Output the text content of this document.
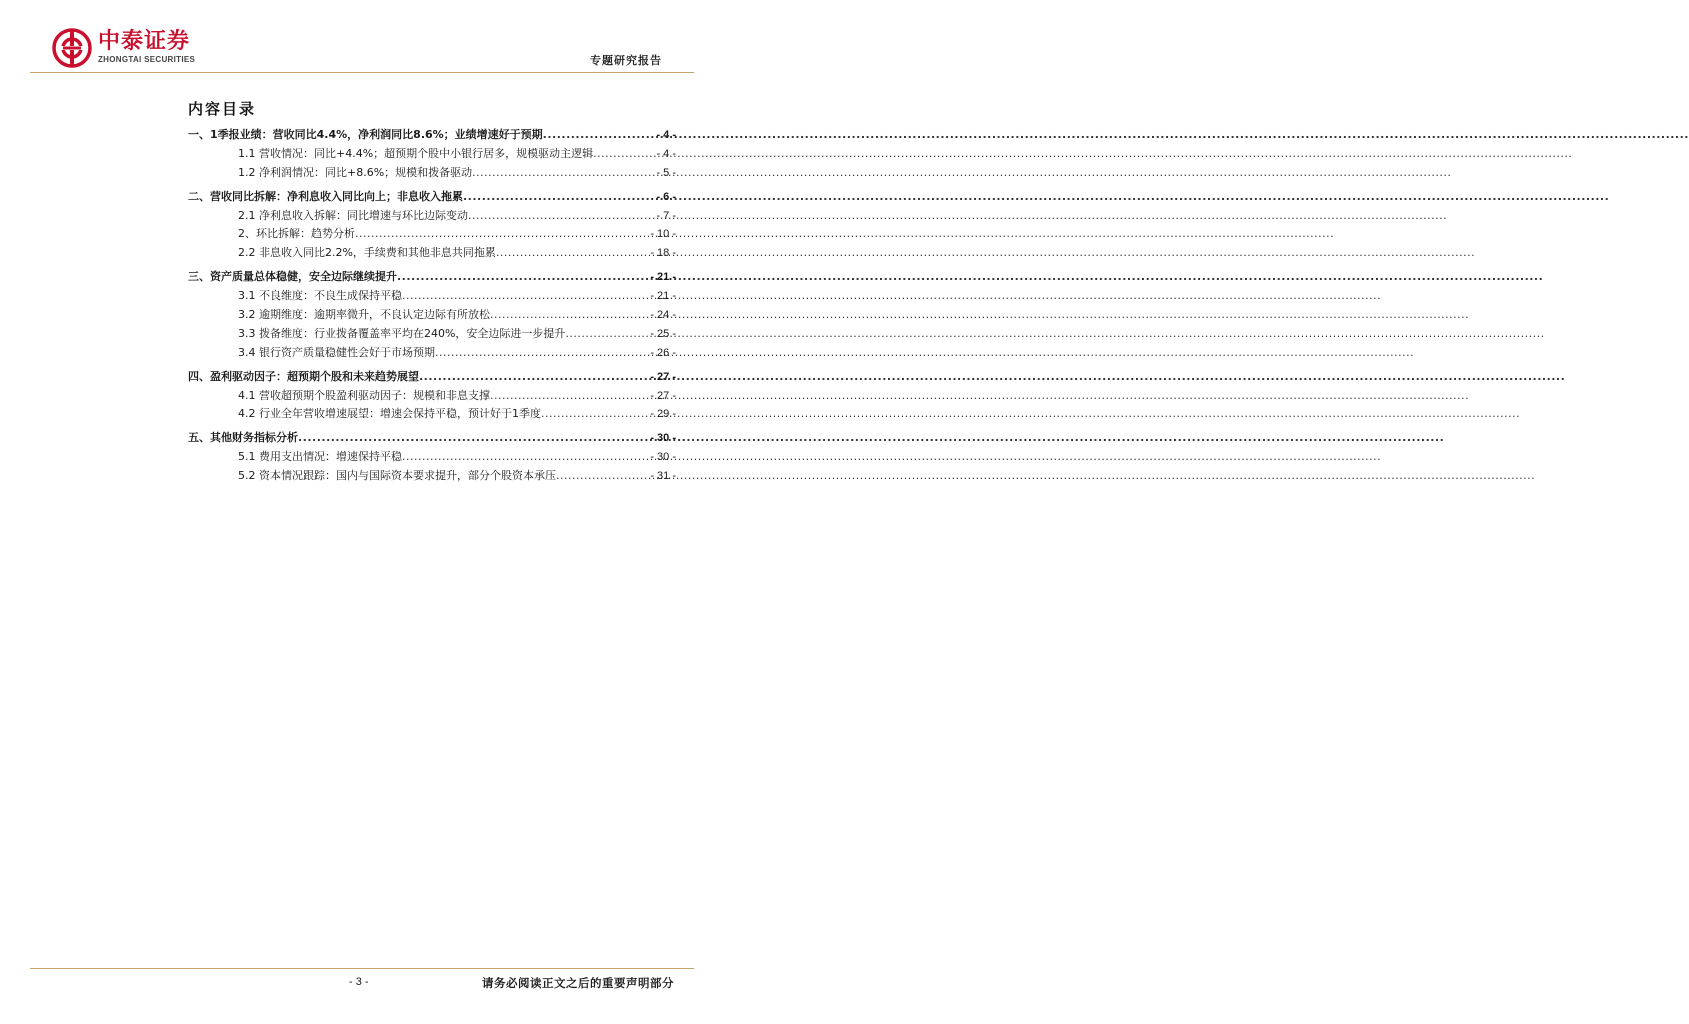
中泰证券
ZHONGTAI SECURITIES	专题研究报告
内容目录
一、1季报业绩：营收同比4.4%，净利润同比8.6%；业绩增速好于预期 .....	- 4 -
1.1 营收情况：同比+4.4%；超预期个股中小银行居多，规模驱动主逻辑 .....	- 4 -
1.2 净利润情况：同比+8.6%；规模和拨备驱动 .....	- 5 -
二、营收同比拆解：净利息收入同比向上；非息收入拖累 .....	- 6 -
2.1 净利息收入拆解：同比增速与环比边际变动 .....	- 7 -
2、环比拆解：趋势分析 .....	- 10 -
2.2 非息收入同比2.2%，手续费和其他非息共同拖累 .....	- 18 -
三、资产质量总体稳健，安全边际继续提升 .....	- 21 -
3.1 不良维度：不良生成保持平稳 .....	- 21 -
3.2 逾期维度：逾期率微升，不良认定边际有所放松 .....	- 24 -
3.3 拨备维度：行业拨备覆盖率平均在240%，安全边际进一步提升 .....	- 25 -
3.4 银行资产质量稳健性会好于市场预期 .....	- 26 -
四、盈利驱动因子：超预期个股和未来趋势展望 .....	- 27 -
4.1 营收超预期个股盈利驱动因子：规模和非息支撑 .....	- 27 -
4.2 行业全年营收增速展望：增速会保持平稳，预计好于1季度 .....	- 29 -
五、其他财务指标分析 .....	- 30 -
5.1 费用支出情况：增速保持平稳 .....	- 30 -
5.2 资本情况跟踪：国内与国际资本要求提升，部分个股资本承压 .....	- 31 -
- 3 -	请务必阅读正文之后的重要声明部分
